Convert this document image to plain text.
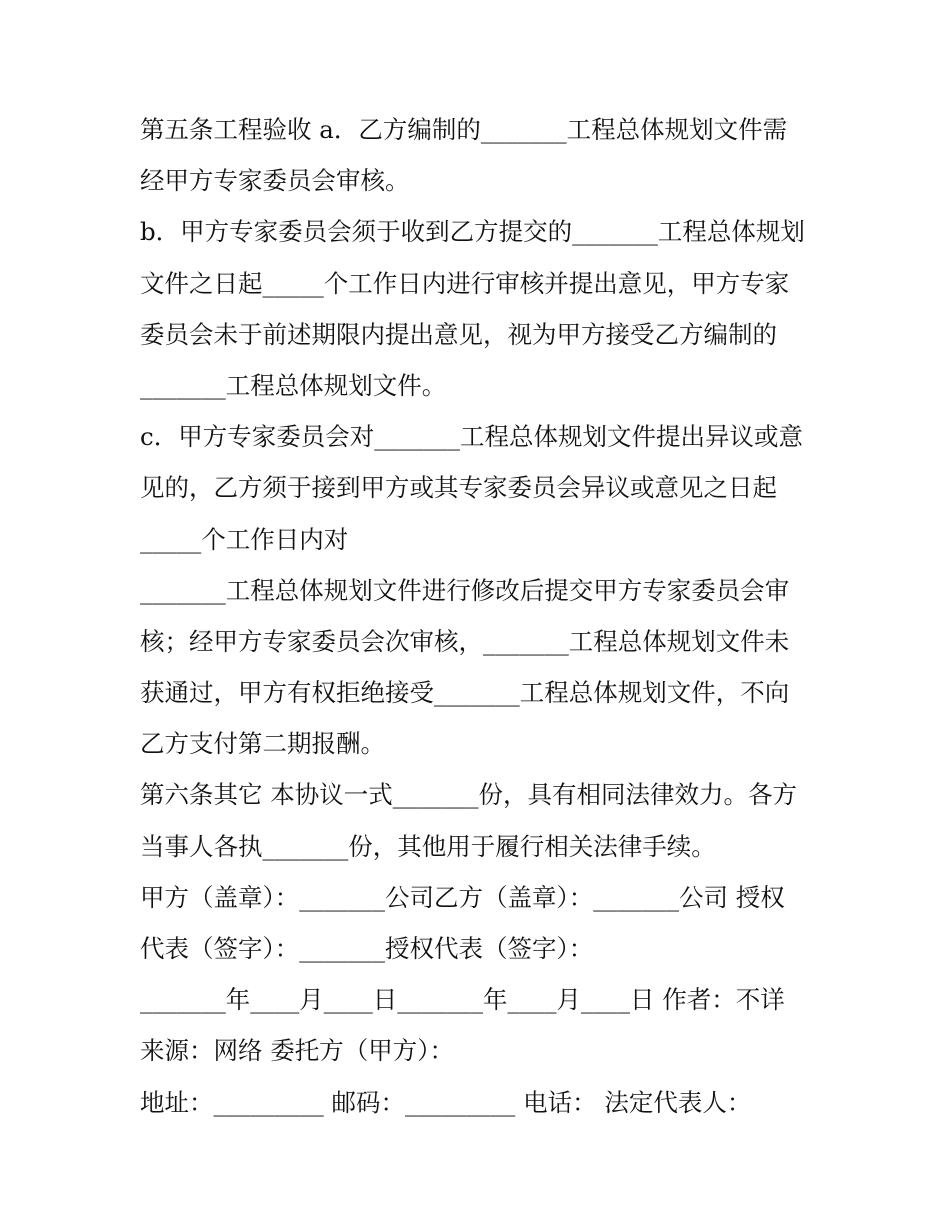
第五条工程验收 a．乙方编制的_______工程总体规划文件需
经甲方专家委员会审核。
b．甲方专家委员会须于收到乙方提交的_______工程总体规划
文件之日起_____个工作日内进行审核并提出意见，甲方专家
委员会未于前述期限内提出意见，视为甲方接受乙方编制的
_______工程总体规划文件。
c．甲方专家委员会对_______工程总体规划文件提出异议或意
见的，乙方须于接到甲方或其专家委员会异议或意见之日起
_____个工作日内对
_______工程总体规划文件进行修改后提交甲方专家委员会审
核；经甲方专家委员会次审核，_______工程总体规划文件未
获通过，甲方有权拒绝接受_______工程总体规划文件，不向
乙方支付第二期报酬。
第六条其它 本协议一式_______份，具有相同法律效力。各方
当事人各执_______份，其他用于履行相关法律手续。
甲方（盖章）：_______公司乙方（盖章）：_______公司 授权
代表（签字）：_______授权代表（签字）：
_______年____月____日_______年____月____日 作者：不详
来源：网络 委托方（甲方）：
地址：_________ 邮码：_________ 电话： 法定代表人：
